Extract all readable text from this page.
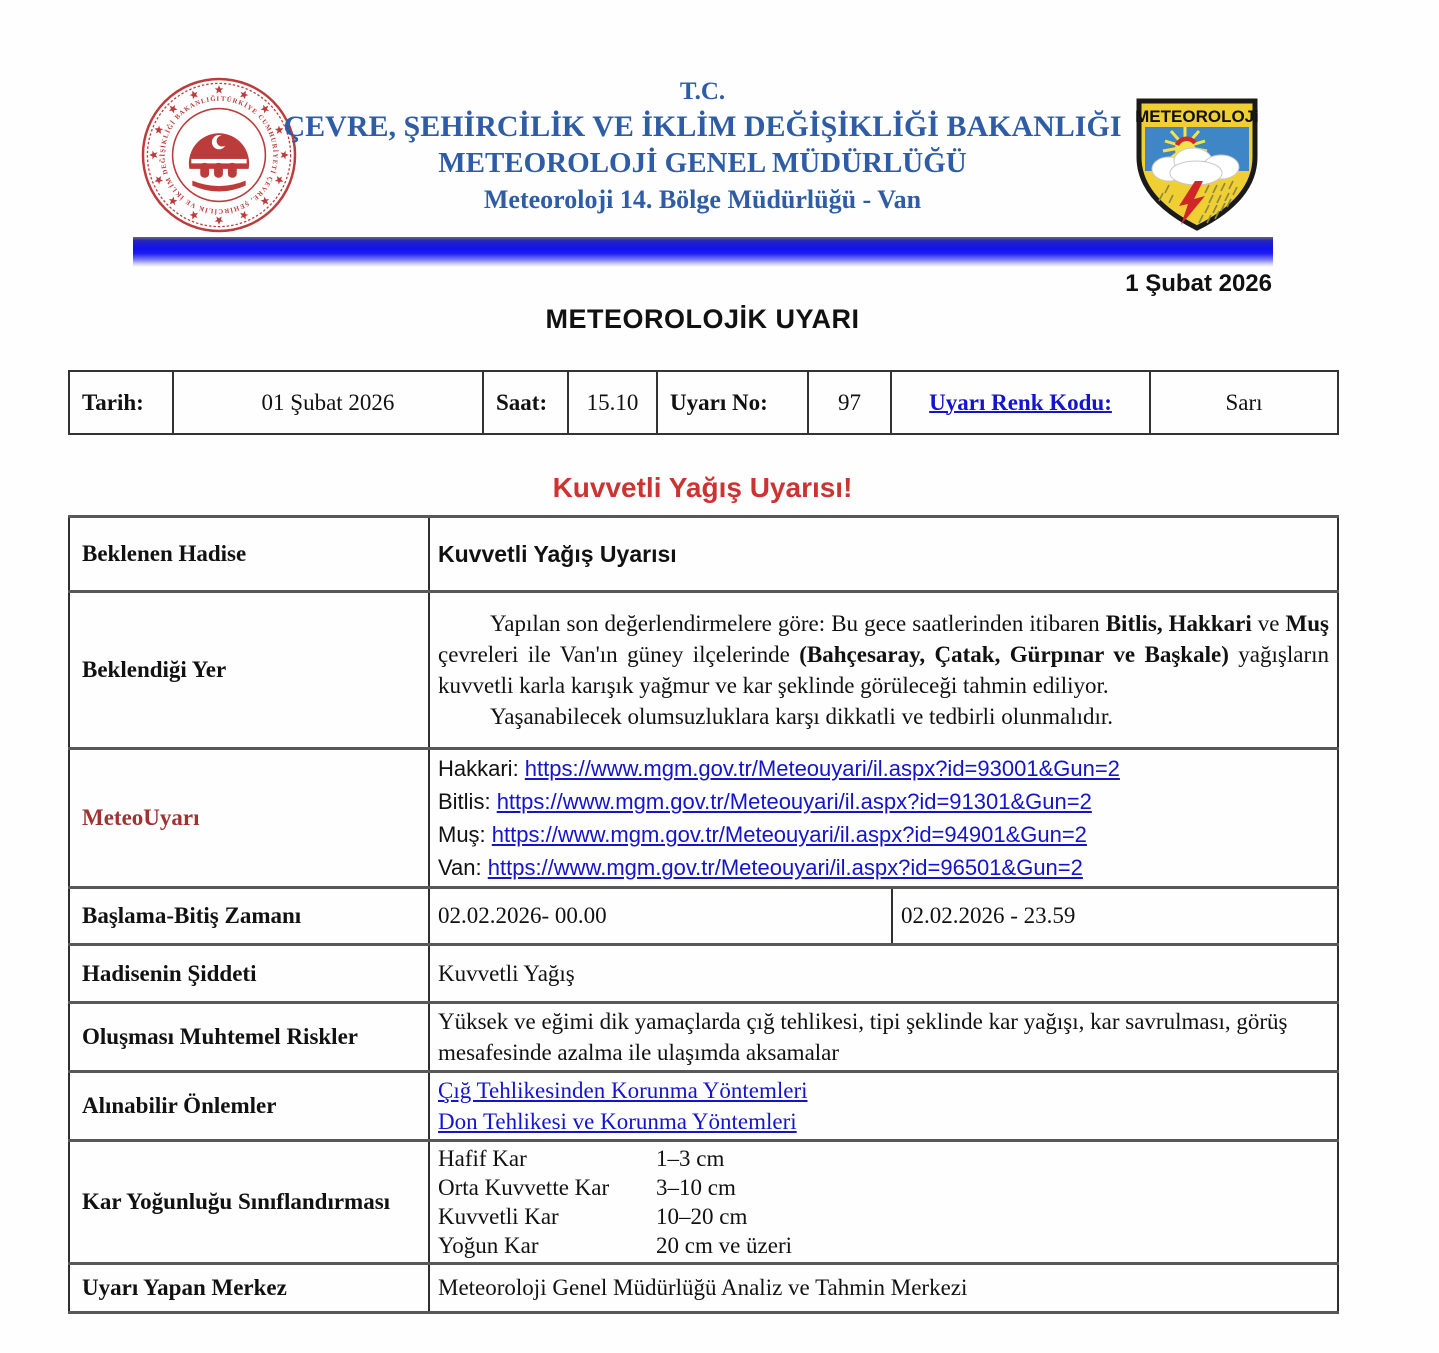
TÜRKİYE CUMHURİYETİ ÇEVRE, ŞEHİRCİLİK VE İKLİM DEĞİŞİKLİĞİ BAKANLIĞI	T.C.
ÇEVRE, ŞEHİRCİLİK VE İKLİM DEĞİŞİKLİĞİ BAKANLIĞI
METEOROLOJİ GENEL MÜDÜRLÜĞÜ
Meteoroloji 14. Bölge Müdürlüğü - Van
METEOROLOJi
1 Şubat 2026
METEOROLOJİK UYARI
Tarih:	01 Şubat 2026	Saat:	15.10	Uyarı No:	97	Uyarı Renk Kodu:	Sarı
Kuvvetli Yağış Uyarısı!
Beklenen Hadise	Kuvvetli Yağış Uyarısı	
Beklendiği Yer	Yapılan son değerlendirmelere göre: Bu gece saatlerinden itibaren Bitlis, Hakkari ve Muş çevreleri ile Van'ın güney ilçelerinde (Bahçesaray, Çatak, Gürpınar ve Başkale) yağışların kuvvetli karla karışık yağmur ve kar şeklinde görüleceği tahmin ediliyor.

Yaşanabilecek olumsuzluklara karşı dikkatli ve tedbirli olunmalıdır.	

MeteoUyarı	Hakkari: https://www.mgm.gov.tr/Meteouyari/il.aspx?id=93001&Gun=2
Bitlis: https://www.mgm.gov.tr/Meteouyari/il.aspx?id=91301&Gun=2
Muş: https://www.mgm.gov.tr/Meteouyari/il.aspx?id=94901&Gun=2
Van: https://www.mgm.gov.tr/Meteouyari/il.aspx?id=96501&Gun=2	

Başlama-Bitiş Zamanı	02.02.2026- 00.00	02.02.2026 - 23.59
Hadisenin Şiddeti	Kuvvetli Yağış	
Oluşması Muhtemel Riskler	Yüksek ve eğimi dik yamaçlarda çığ tehlikesi, tipi şeklinde kar yağışı, kar savrulması, görüş mesafesinde azalma ile ulaşımda aksamalar	
Alınabilir Önlemler	Çığ Tehlikesinden Korunma Yöntemleri
Don Tehlikesi ve Korunma Yöntemleri	

Kar Yoğunluğu Sınıflandırması	Hafif Kar 1–3 cm
Orta Kuvvette Kar 3–10 cm
Kuvvetli Kar 10–20 cm
Yoğun Kar 20 cm ve üzeri	

Uyarı Yapan Merkez	Meteoroloji Genel Müdürlüğü Analiz ve Tahmin Merkezi	
